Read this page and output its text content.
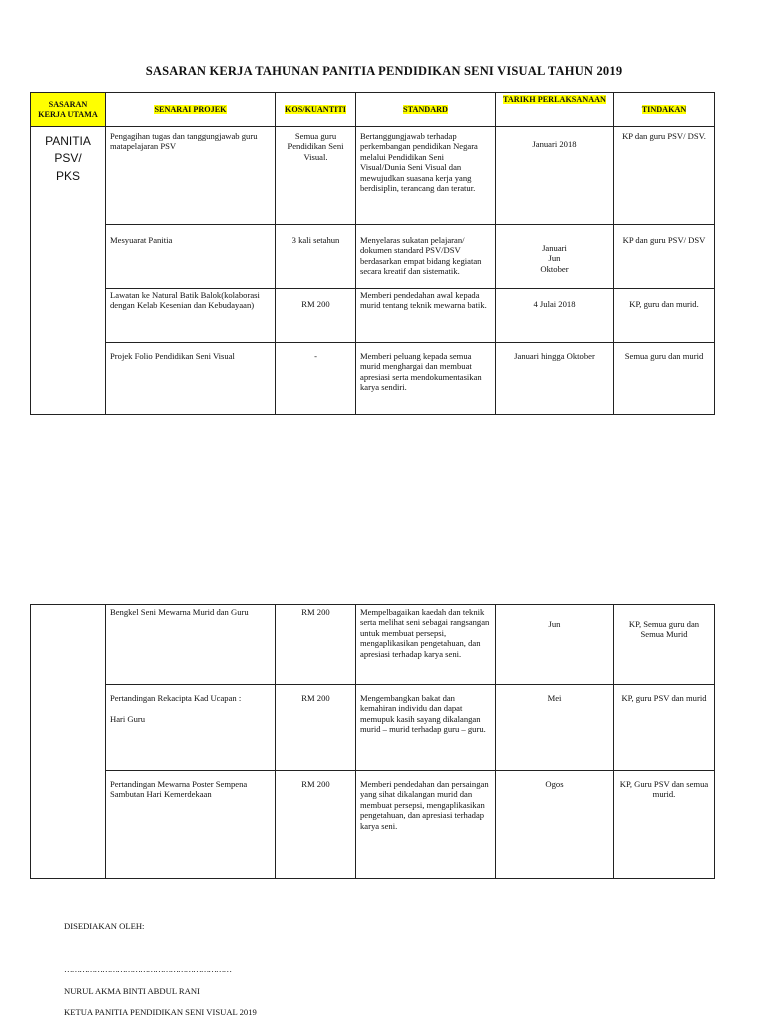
SASARAN KERJA TAHUNAN PANITIA PENDIDIKAN SENI VISUAL TAHUN 2019
SASARAN KERJA UTAMA	SENARAI PROJEK	KOS/KUANTITI	STANDARD	TARIKH PERLAKSANAAN	TINDAKAN

PANITIA
PSV/
PKS	Pengagihan tugas dan tanggungjawab guru matapelajaran PSV	Semua guru Pendidikan Seni Visual.	Bertanggungjawab terhadap perkembangan pendidikan Negara melalui Pendidikan Seni Visual/Dunia Seni Visual dan mewujudkan suasana kerja yang berdisiplin, terancang dan teratur.	Januari 2018	KP dan guru PSV/ DSV.
	Mesyuarat Panitia	3 kali setahun	Menyelaras sukatan pelajaran/ dokumen standard PSV/DSV berdasarkan empat bidang kegiatan secara kreatif dan sistematik.	Januari
Jun
Oktober	KP dan guru PSV/ DSV
	Lawatan ke Natural Batik Balok(kolaborasi dengan Kelab Kesenian dan Kebudayaan)	RM 200	Memberi pendedahan awal kepada murid tentang teknik mewarna batik.	4 Julai 2018	KP, guru dan murid.
	Projek Folio Pendidikan Seni Visual	-	Memberi peluang kepada semua murid menghargai dan membuat apresiasi serta mendokumentasikan karya sendiri.	Januari hingga Oktober	Semua guru dan murid
	Bengkel Seni Mewarna Murid dan Guru	RM 200	Mempelbagaikan kaedah dan teknik serta melihat seni sebagai rangsangan untuk membuat persepsi, mengaplikasikan pengetahuan, dan apresiasi terhadap karya seni.	Jun	KP, Semua guru dan Semua Murid
	Pertandingan Rekacipta Kad Ucapan :

Hari Guru	RM 200	Mengembangkan bakat dan kemahiran individu dan dapat memupuk kasih sayang dikalangan murid – murid terhadap guru – guru.	Mei	KP, guru PSV dan murid
	Pertandingan Mewarna Poster Sempena Sambutan Hari Kemerdekaan	RM 200	Memberi pendedahan dan persaingan yang sihat dikalangan murid dan membuat persepsi, mengaplikasikan pengetahuan, dan apresiasi terhadap karya seni.	Ogos	KP, Guru PSV dan semua murid.
DISEDIAKAN OLEH:
…………………………………………………………
NURUL AKMA BINTI ABDUL RANI
KETUA PANITIA PENDIDIKAN SENI VISUAL 2019
